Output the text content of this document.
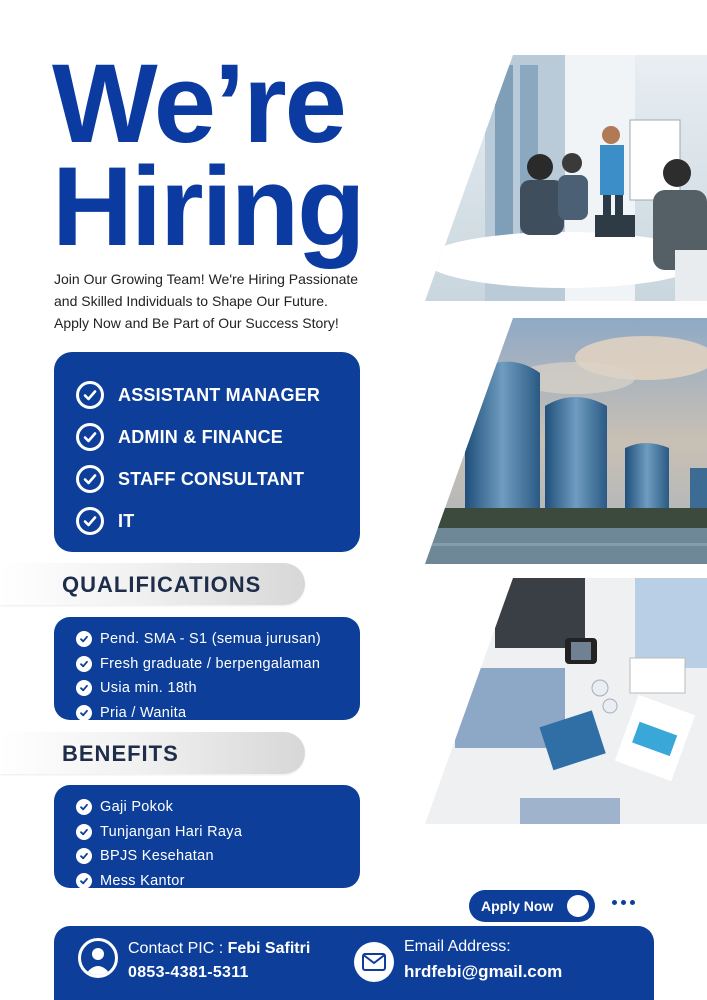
We’re
Hiring
Join Our Growing Team! We're Hiring Passionate
and Skilled Individuals to Shape Our Future.
Apply Now and Be Part of Our Success Story!
ASSISTANT MANAGER
ADMIN & FINANCE
STAFF CONSULTANT
IT
QUALIFICATIONS
Pend. SMA - S1 (semua jurusan)
Fresh graduate / berpengalaman
Usia min. 18th
Pria / Wanita
BENEFITS
Gaji Pokok
Tunjangan Hari Raya
BPJS Kesehatan
Mess Kantor
Apply Now
Contact PIC : Febi Safitri
0853-4381-5311
Email Address:
hrdfebi@gmail.com
